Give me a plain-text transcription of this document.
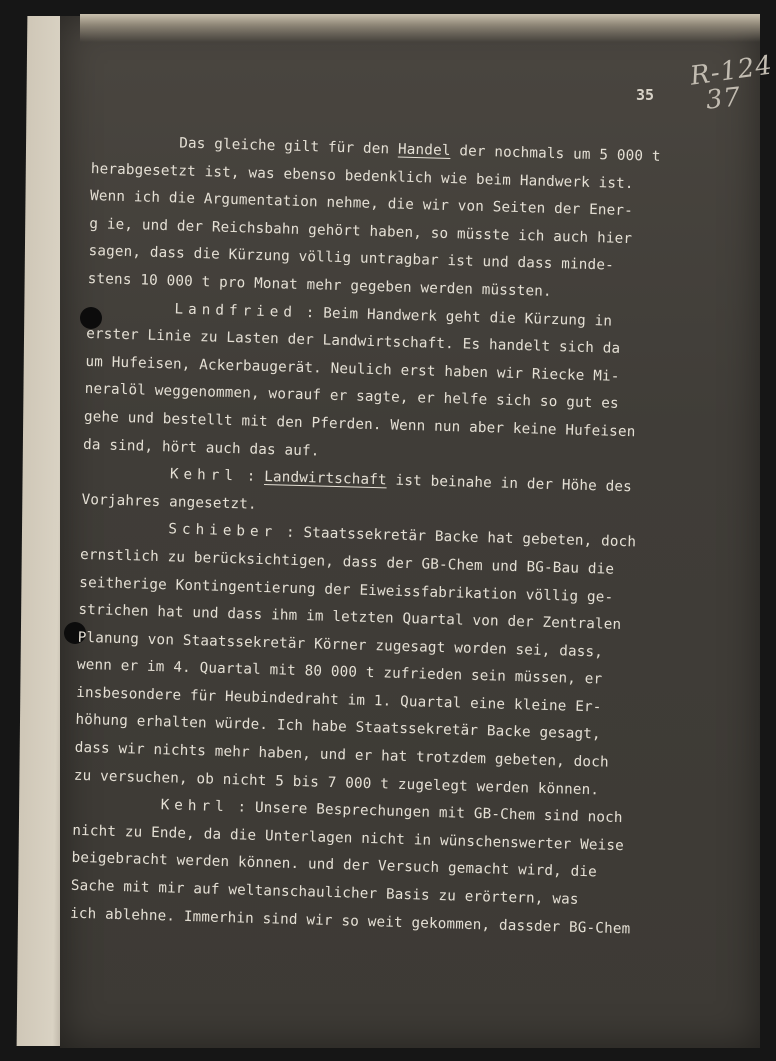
35
R-124
37
Das gleiche gilt für den Handel der nochmals um 5 000 t
herabgesetzt ist, was ebenso bedenklich wie beim Handwerk ist.
Wenn ich die Argumentation nehme, die wir von Seiten der Ener-
g ie, und der Reichsbahn gehört haben, so müsste ich auch hier
sagen, dass die Kürzung völlig untragbar ist und dass minde-
stens 10 000 t pro Monat mehr gegeben werden müssten.
Landfried : Beim Handwerk geht die Kürzung in
erster Linie zu Lasten der Landwirtschaft. Es handelt sich da
um Hufeisen, Ackerbaugerät. Neulich erst haben wir Riecke Mi-
neralöl weggenommen, worauf er sagte, er helfe sich so gut es
gehe und bestellt mit den Pferden. Wenn nun aber keine Hufeisen
da sind, hört auch das auf.
Kehrl : Landwirtschaft ist beinahe in der Höhe des
Vorjahres angesetzt.
Schieber : Staatssekretär Backe hat gebeten, doch
ernstlich zu berücksichtigen, dass der GB-Chem und BG-Bau die
seitherige Kontingentierung der Eiweissfabrikation völlig ge-
strichen hat und dass ihm im letzten Quartal von der Zentralen
Planung von Staatssekretär Körner zugesagt worden sei, dass,
wenn er im 4. Quartal mit 80 000 t zufrieden sein müssen, er
insbesondere für Heubindedraht im 1. Quartal eine kleine Er-
höhung erhalten würde. Ich habe Staatssekretär Backe gesagt,
dass wir nichts mehr haben, und er hat trotzdem gebeten, doch
zu versuchen, ob nicht 5 bis 7 000 t zugelegt werden können.
Kehrl : Unsere Besprechungen mit GB-Chem sind noch
nicht zu Ende, da die Unterlagen nicht in wünschenswerter Weise
beigebracht werden können. und der Versuch gemacht wird, die
Sache mit mir auf weltanschaulicher Basis zu erörtern, was
ich ablehne. Immerhin sind wir so weit gekommen, dassder BG-Chem
